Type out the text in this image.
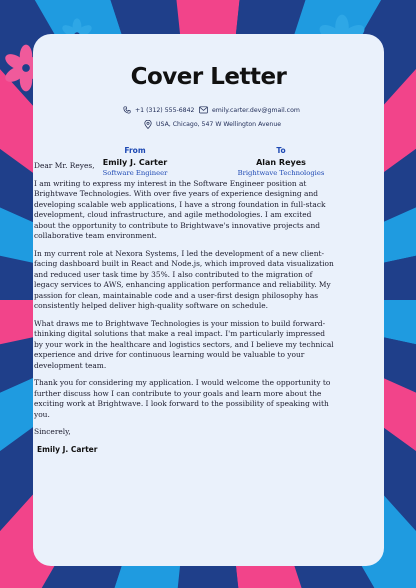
Cover Letter
+1 (312) 555-6842	emily.carter.dev@gmail.com
USA, Chicago, 547 W Wellington Avenue
From
Emily J. Carter
Software Engineer
To
Alan Reyes
Brightwave Technologies

Dear Mr. Reyes,

I am writing to express my interest in the Software Engineer position at Brightwave Technologies. With over five years of experience designing and developing scalable web applications, I have a strong foundation in full-stack development, cloud infrastructure, and agile methodologies. I am excited about the opportunity to contribute to Brightwave's innovative projects and collaborative team environment.

In my current role at Nexora Systems, I led the development of a new client-facing dashboard built in React and Node.js, which improved data visualization and reduced user task time by 35%. I also contributed to the migration of legacy services to AWS, enhancing application performance and reliability. My passion for clean, maintainable code and a user-first design philosophy has consistently helped deliver high-quality software on schedule.

What draws me to Brightwave Technologies is your mission to build forward-thinking digital solutions that make a real impact. I'm particularly impressed by your work in the healthcare and logistics sectors, and I believe my technical experience and drive for continuous learning would be valuable to your development team.

Thank you for considering my application. I would welcome the opportunity to further discuss how I can contribute to your goals and learn more about the exciting work at Brightwave. I look forward to the possibility of speaking with you.

Sincerely,

Emily J. Carter
